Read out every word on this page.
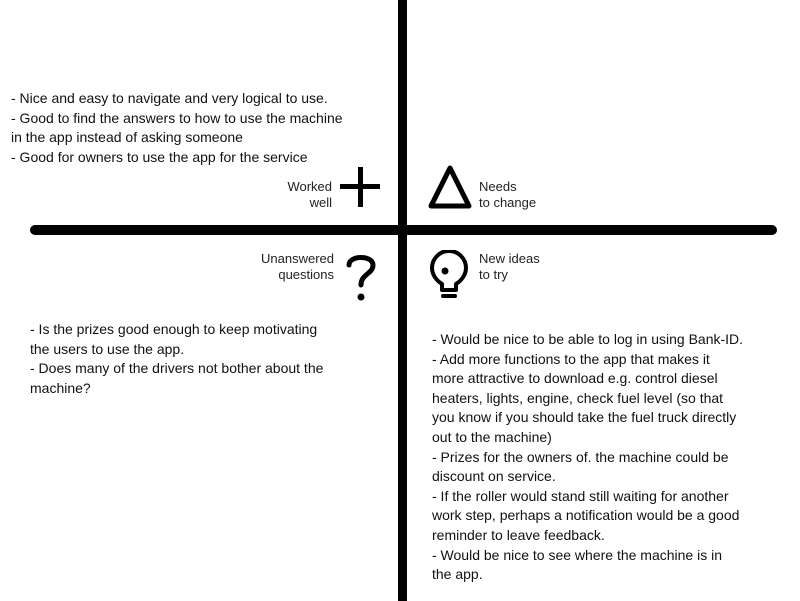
- Nice and easy to navigate and very logical to use.

- Good to find the answers to how to use the machine

in the app instead of asking someone

- Good for owners to use the app for the service

Worked
well
Needs
to change
Unanswered
questions

- Is the prizes good enough to keep motivating

the users to use the app.

- Does many of the drivers not bother about the

machine?

New ideas
to try

- Would be nice to be able to log in using Bank-ID.

- Add more functions to the app that makes it

more attractive to download e.g. control diesel

heaters, lights, engine, check fuel level (so that

you know if you should take the fuel truck directly

out to the machine)

- Prizes for the owners of. the machine could be

discount on service.

- If the roller would stand still waiting for another

work step, perhaps a notification would be a good

reminder to leave feedback.

- Would be nice to see where the machine is in

the app.
